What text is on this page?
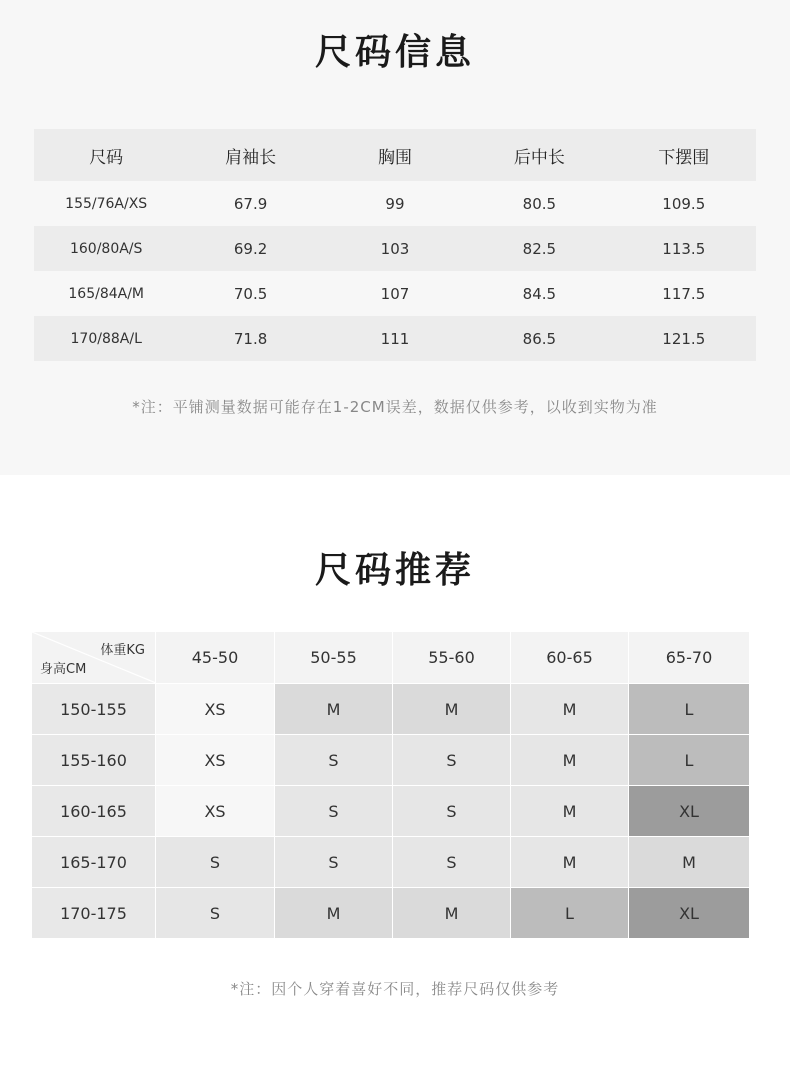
尺码信息
尺码	肩袖长	胸围	后中长	下摆围
155/76A/XS	67.9	99	80.5	109.5
160/80A/S	69.2	103	82.5	113.5
165/84A/M	70.5	107	84.5	117.5
170/88A/L	71.8	111	86.5	121.5
*注：平铺测量数据可能存在1-2CM误差，数据仅供参考，以收到实物为准
尺码推荐
体重KG
身高CM	45-50	50-55	55-60	60-65	65-70
150-155	XS	M	M	M	L
155-160	XS	S	S	M	L
160-165	XS	S	S	M	XL
165-170	S	S	S	M	M
170-175	S	M	M	L	XL
*注：因个人穿着喜好不同，推荐尺码仅供参考
